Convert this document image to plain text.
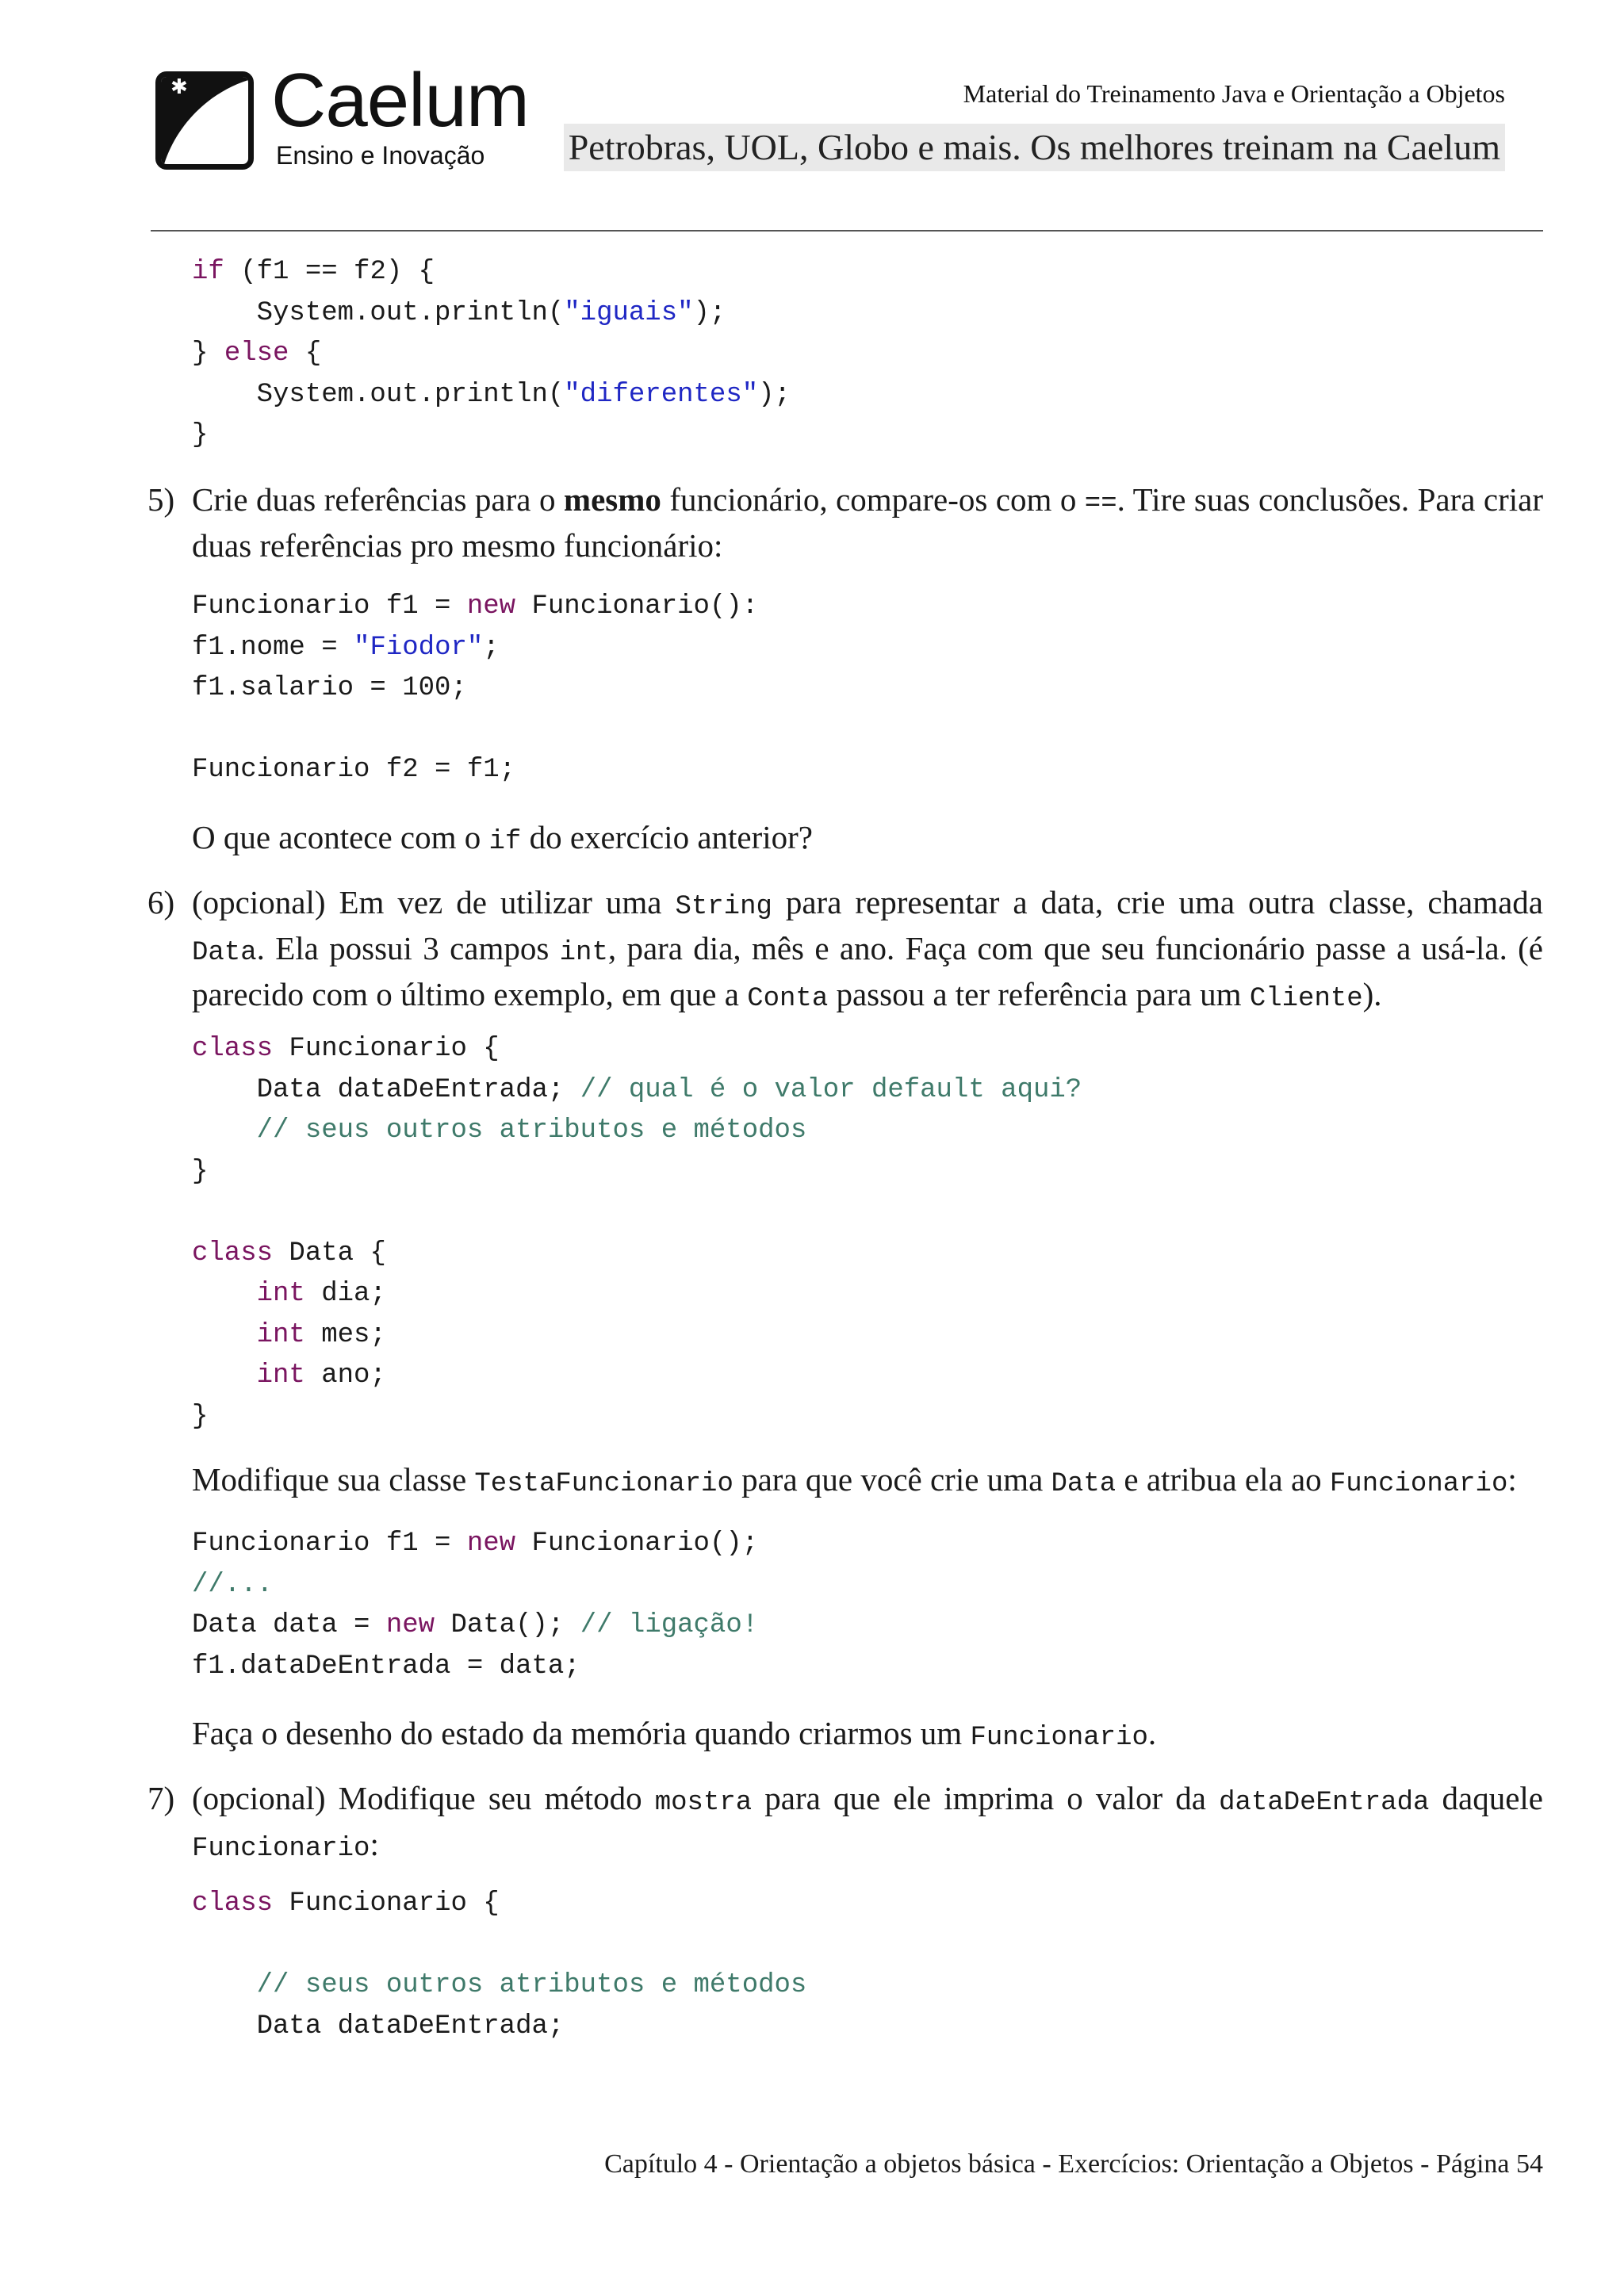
✱ Caelum
Ensino e Inovação
Material do Treinamento Java e Orientação a Objetos
Petrobras, UOL, Globo e mais. Os melhores treinam na Caelum
if (f1 == f2) {
System.out.println("iguais");
} else {
System.out.println("diferentes");
}
5) Crie duas referências para o mesmo funcionário, compare-os com o ==. Tire suas conclusões. Para criar duas referências pro mesmo funcionário:
Funcionario f1 = new Funcionario():
f1.nome = "Fiodor";
f1.salario = 100;

Funcionario f2 = f1;
O que acontece com o if do exercício anterior?
6) (opcional) Em vez de utilizar uma String para representar a data, crie uma outra classe, chamada Data. Ela possui 3 campos int, para dia, mês e ano. Faça com que seu funcionário passe a usá-la. (é parecido com o último exemplo, em que a Conta passou a ter referência para um Cliente).
class Funcionario {
Data dataDeEntrada; // qual é o valor default aqui?
// seus outros atributos e métodos
}

class Data {
int dia;
int mes;
int ano;
}
Modifique sua classe TestaFuncionario para que você crie uma Data e atribua ela ao Funcionario:
Funcionario f1 = new Funcionario();
//...
Data data = new Data(); // ligação!
f1.dataDeEntrada = data;
Faça o desenho do estado da memória quando criarmos um Funcionario.
7) (opcional) Modifique seu método mostra para que ele imprima o valor da dataDeEntrada daquele Funcionario:
class Funcionario {

// seus outros atributos e métodos
Data dataDeEntrada;
Capítulo 4 - Orientação a objetos básica - Exercícios: Orientação a Objetos - Página 54
